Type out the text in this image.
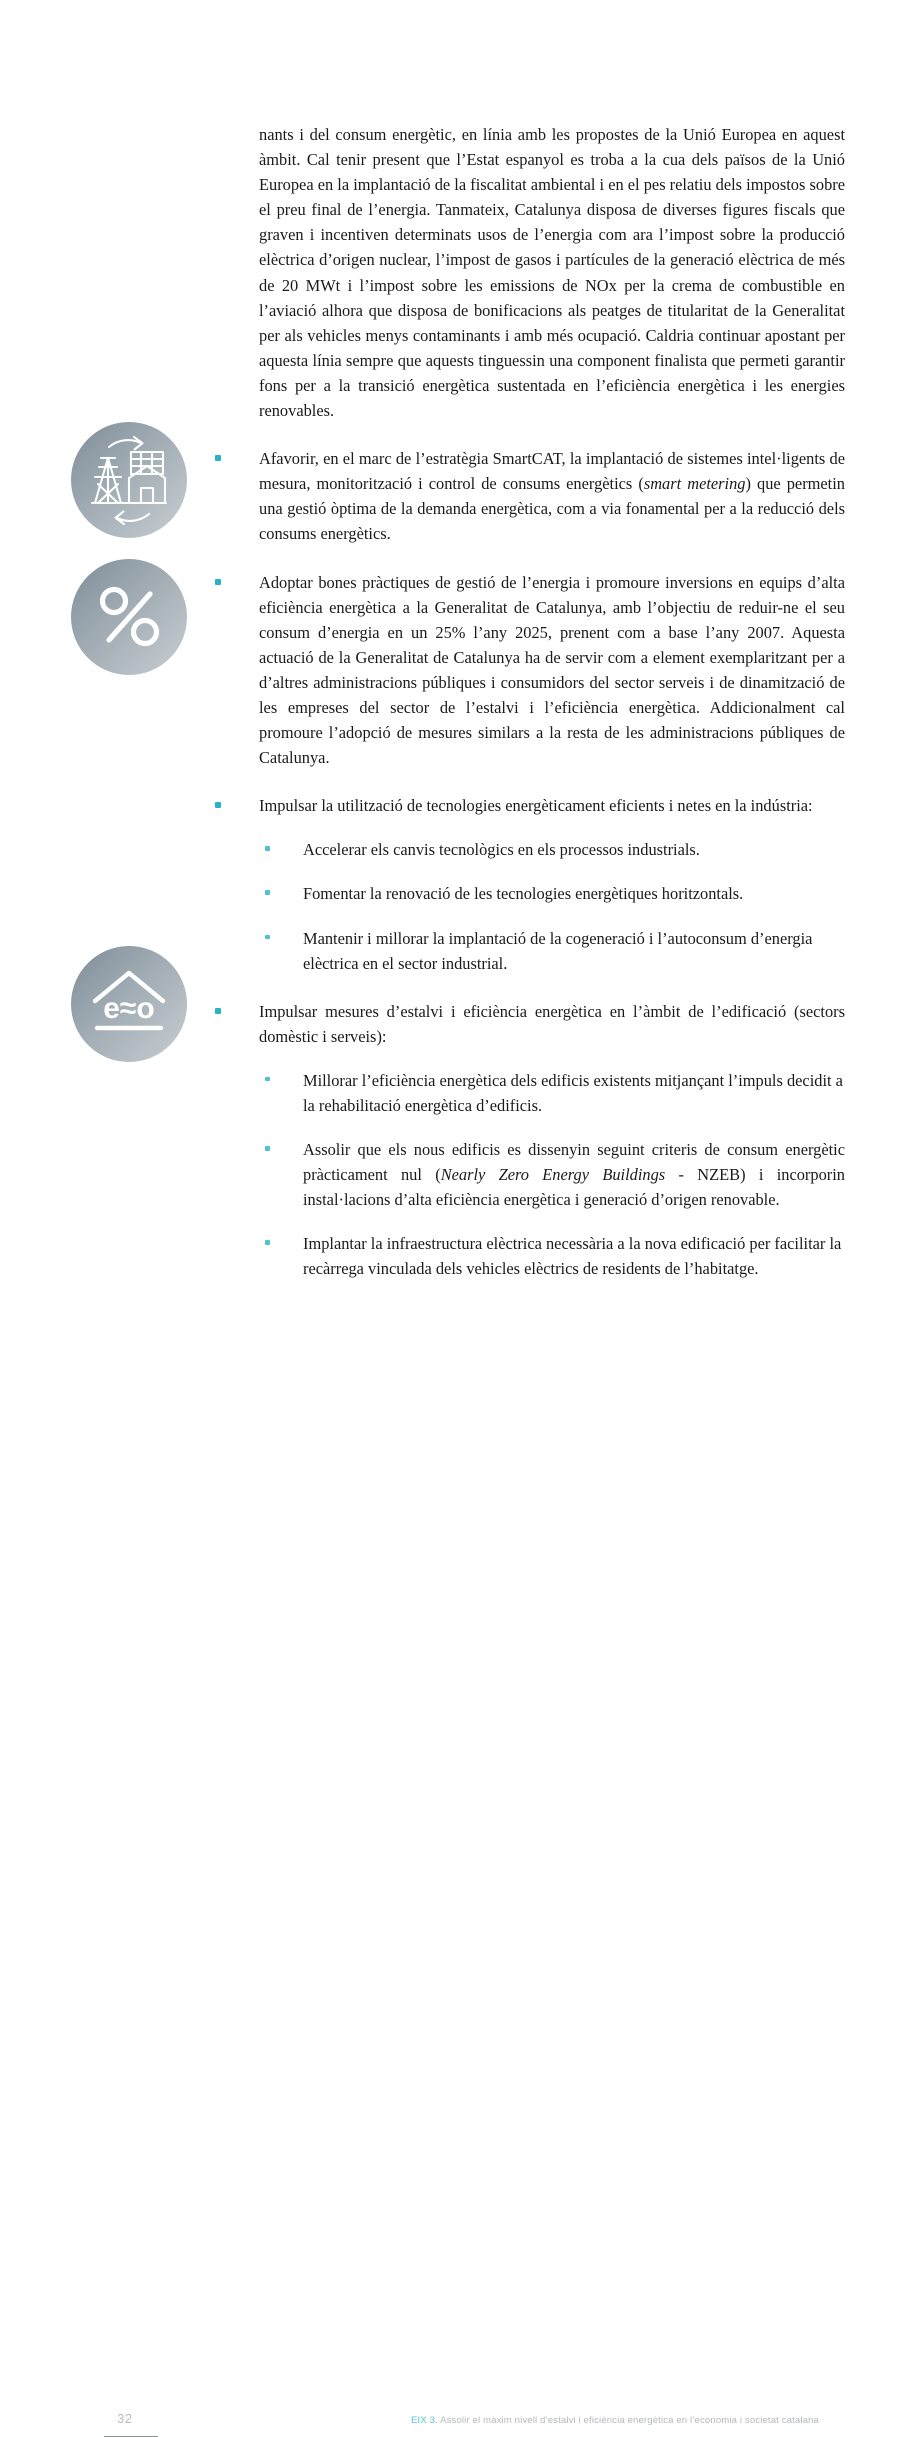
e≈o

nants i del consum energètic, en línia amb les propostes de la Unió Europea en aquest àmbit. Cal tenir present que l’Estat espanyol es troba a la cua dels països de la Unió Europea en la implantació de la fiscalitat ambiental i en el pes relatiu dels impostos sobre el preu final de l’energia. Tanmateix, Catalunya disposa de diverses figures fiscals que graven i incentiven determinats usos de l’energia com ara l’impost sobre la producció elèctrica d’origen nuclear, l’impost de gasos i partícules de la generació elèctrica de més de 20 MWt i l’impost sobre les emissions de NOx per la crema de combustible en l’aviació alhora que disposa de bonificacions als peatges de titularitat de la Generalitat per als vehicles menys contaminants i amb més ocupació. Caldria continuar apostant per aquesta línia sempre que aquests tinguessin una component finalista que permeti garantir fons per a la transició energètica sustentada en l’eficiència energètica i les energies renovables.

Afavorir, en el marc de l’estratègia SmartCAT, la implantació de sistemes intel·ligents de mesura, monitorització i control de consums energètics (smart metering) que permetin una gestió òptima de la demanda energètica, com a via fonamental per a la reducció dels consums energètics.

Adoptar bones pràctiques de gestió de l’energia i promoure inversions en equips d’alta eficiència energètica a la Generalitat de Catalunya, amb l’objectiu de reduir-ne el seu consum d’energia en un 25% l’any 2025, prenent com a base l’any 2007. Aquesta actuació de la Generalitat de Catalunya ha de servir com a element exemplaritzant per a d’altres administracions públiques i consumidors del sector serveis i de dinamització de les empreses del sector de l’estalvi i l’eficiència energètica. Addicionalment cal promoure l’adopció de mesures similars a la resta de les administracions públiques de Catalunya.

Impulsar la utilització de tecnologies energèticament eficients i netes en la indústria:

Accelerar els canvis tecnològics en els processos industrials.

Fomentar la renovació de les tecnologies energètiques horitzontals.

Mantenir i millorar la implantació de la cogeneració i l’autoconsum d’energia elèctrica en el sector industrial.

Impulsar mesures d’estalvi i eficiència energètica en l’àmbit de l’edificació (sectors domèstic i serveis):

Millorar l’eficiència energètica dels edificis existents mitjançant l’impuls decidit a la rehabilitació energètica d’edificis.

Assolir que els nous edificis es dissenyin seguint criteris de consum energètic pràcticament nul (Nearly Zero Energy Buildings - NZEB) i incorporin instal·lacions d’alta eficiència energètica i generació d’origen renovable.

Implantar la infraestructura elèctrica necessària a la nova edificació per facilitar la recàrrega vinculada dels vehicles elèctrics de residents de l’habitatge.

32	EIX 3. Assolir el màxim nivell d’estalvi i eficiència energètica en l’economia i societat catalana
